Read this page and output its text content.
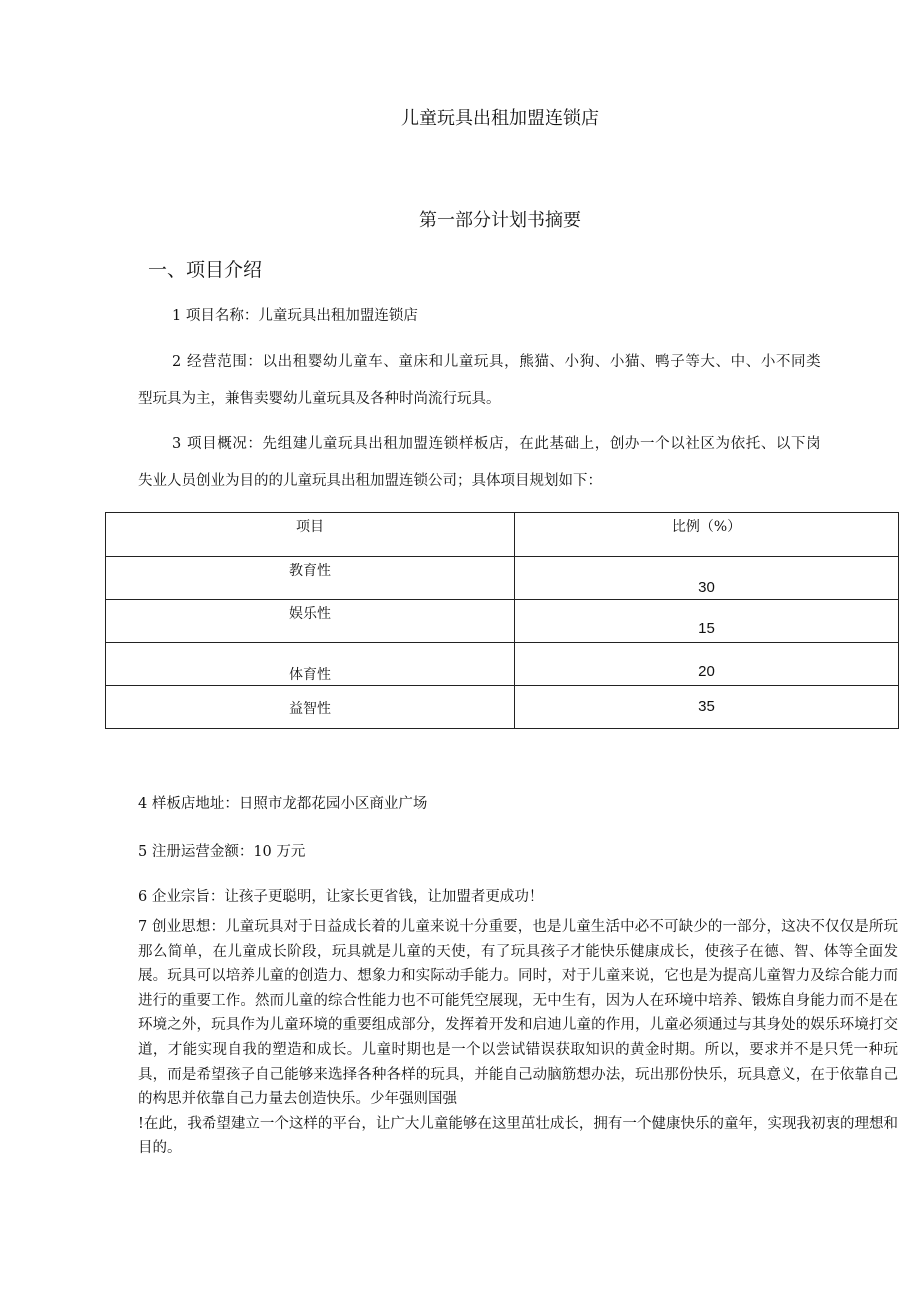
儿童玩具出租加盟连锁店
第一部分计划书摘要
一、项目介绍
1 项目名称：儿童玩具出租加盟连锁店
2 经营范围：以出租婴幼儿童车、童床和儿童玩具，熊猫、小狗、小猫、鸭子等大、中、小不同类
型玩具为主，兼售卖婴幼儿童玩具及各种时尚流行玩具。
3 项目概况：先组建儿童玩具出租加盟连锁样板店，在此基础上，创办一个以社区为依托、以下岗
失业人员创业为目的的儿童玩具出租加盟连锁公司；具体项目规划如下：
项目	比例（%）

教育性	30

娱乐性	15

体育性	20

益智性	35
4 样板店地址：日照市龙都花园小区商业广场
5 注册运营金额：10 万元
6 企业宗旨：让孩子更聪明，让家长更省钱，让加盟者更成功！
7 创业思想：儿童玩具对于日益成长着的儿童来说十分重要，也是儿童生活中必不可缺少的一部分，这决不仅仅是所玩那么简单，在儿童成长阶段，玩具就是儿童的天使，有了玩具孩子才能快乐健康成长，使孩子在德、智、体等全面发展。玩具可以培养儿童的创造力、想象力和实际动手能力。同时，对于儿童来说，它也是为提高儿童智力及综合能力而进行的重要工作。然而儿童的综合性能力也不可能凭空展现，无中生有，因为人在环境中培养、锻炼自身能力而不是在环境之外，玩具作为儿童环境的重要组成部分，发挥着开发和启迪儿童的作用，儿童必须通过与其身处的娱乐环境打交道，才能实现自我的塑造和成长。儿童时期也是一个以尝试错误获取知识的黄金时期。所以，要求并不是只凭一种玩具，而是希望孩子自己能够来选择各种各样的玩具，并能自己动脑筋想办法，玩出那份快乐，玩具意义，在于依靠自己的构思并依靠自己力量去创造快乐。少年强则国强
!在此，我希望建立一个这样的平台，让广大儿童能够在这里茁壮成长，拥有一个健康快乐的童年，实现我初衷的理想和目的。
